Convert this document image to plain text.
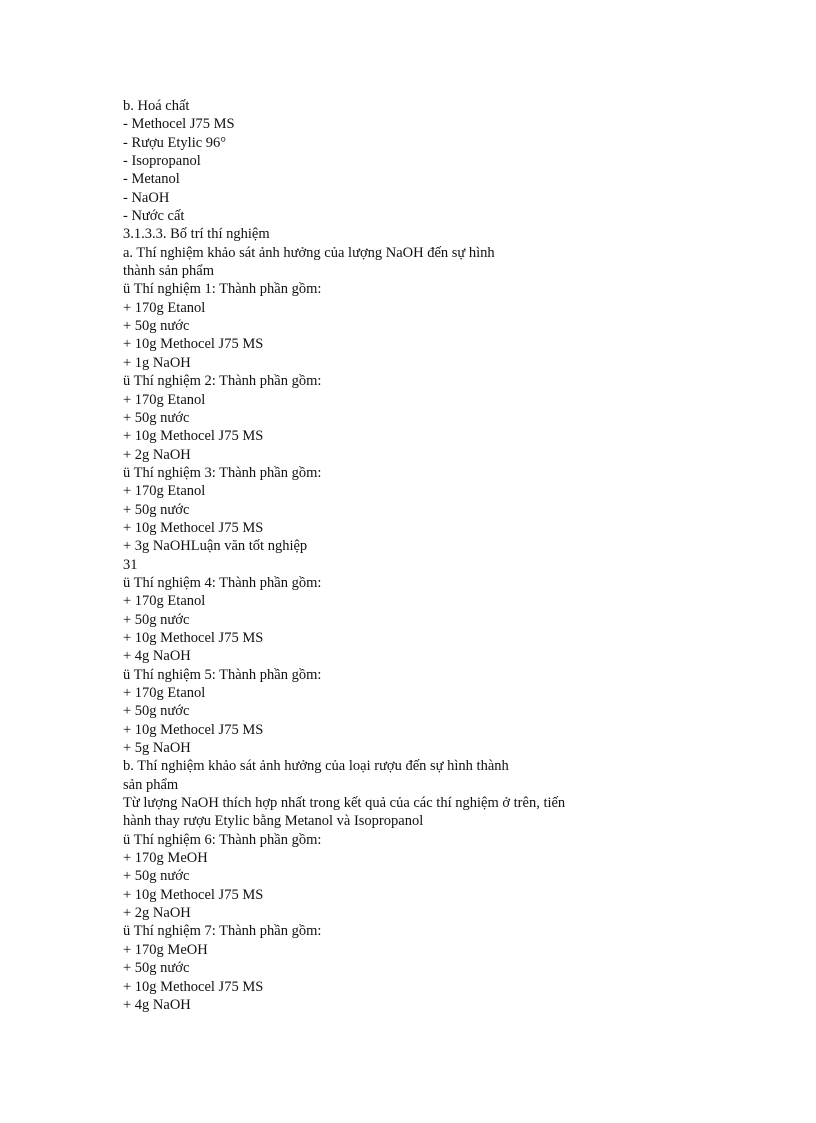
b. Hoá chất
- Methocel J75 MS
- Rượu Etylic 96°
- Isopropanol
- Metanol
- NaOH
- Nước cất
3.1.3.3. Bố trí thí nghiệm
a. Thí nghiệm khảo sát ảnh hưởng của lượng NaOH đến sự hình
thành sản phẩm
ü Thí nghiệm 1: Thành phần gồm:
+ 170g Etanol
+ 50g nước
+ 10g Methocel J75 MS
+ 1g NaOH
ü Thí nghiệm 2: Thành phần gồm:
+ 170g Etanol
+ 50g nước
+ 10g Methocel J75 MS
+ 2g NaOH
ü Thí nghiệm 3: Thành phần gồm:
+ 170g Etanol
+ 50g nước
+ 10g Methocel J75 MS
+ 3g NaOHLuận văn tốt nghiệp
31
ü Thí nghiệm 4: Thành phần gồm:
+ 170g Etanol
+ 50g nước
+ 10g Methocel J75 MS
+ 4g NaOH
ü Thí nghiệm 5: Thành phần gồm:
+ 170g Etanol
+ 50g nước
+ 10g Methocel J75 MS
+ 5g NaOH
b. Thí nghiệm khảo sát ảnh hưởng của loại rượu đến sự hình thành
sản phẩm
Từ lượng NaOH thích hợp nhất trong kết quả của các thí nghiệm ở trên, tiến
hành thay rượu Etylic bằng Metanol và Isopropanol
ü Thí nghiệm 6: Thành phần gồm:
+ 170g MeOH
+ 50g nước
+ 10g Methocel J75 MS
+ 2g NaOH
ü Thí nghiệm 7: Thành phần gồm:
+ 170g MeOH
+ 50g nước
+ 10g Methocel J75 MS
+ 4g NaOH
